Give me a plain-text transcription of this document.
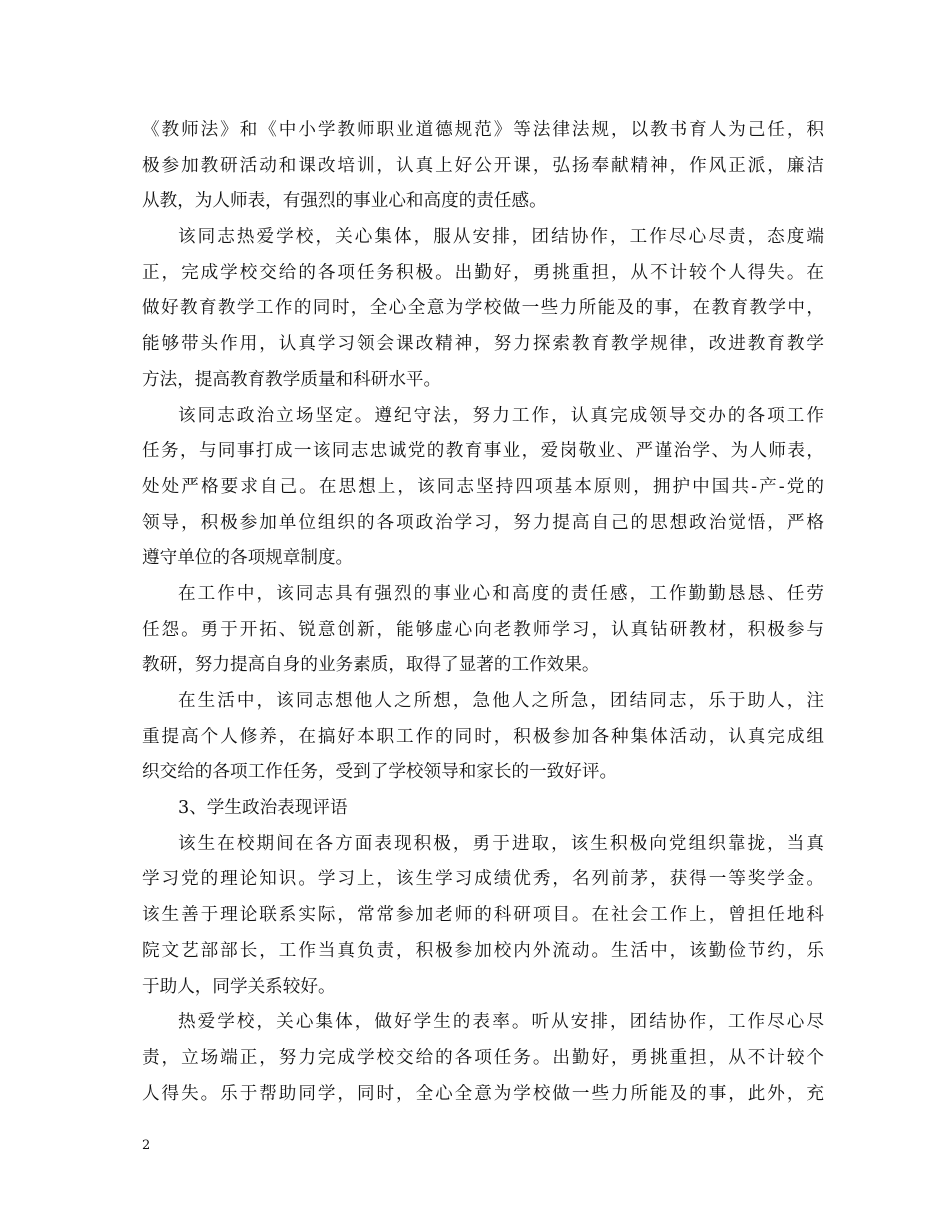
《教师法》和《中小学教师职业道德规范》等法律法规，以教书育人为己任，积
极参加教研活动和课改培训，认真上好公开课，弘扬奉献精神，作风正派，廉洁
从教，为人师表，有强烈的事业心和高度的责任感。
该同志热爱学校，关心集体，服从安排，团结协作，工作尽心尽责，态度端
正，完成学校交给的各项任务积极。出勤好，勇挑重担，从不计较个人得失。在
做好教育教学工作的同时，全心全意为学校做一些力所能及的事，在教育教学中，
能够带头作用，认真学习领会课改精神，努力探索教育教学规律，改进教育教学
方法，提高教育教学质量和科研水平。
该同志政治立场坚定。遵纪守法，努力工作，认真完成领导交办的各项工作
任务，与同事打成一该同志忠诚党的教育事业，爱岗敬业、严谨治学、为人师表，
处处严格要求自己。在思想上，该同志坚持四项基本原则，拥护中国共-产-党的
领导，积极参加单位组织的各项政治学习，努力提高自己的思想政治觉悟，严格
遵守单位的各项规章制度。
在工作中，该同志具有强烈的事业心和高度的责任感，工作勤勤恳恳、任劳
任怨。勇于开拓、锐意创新，能够虚心向老教师学习，认真钻研教材，积极参与
教研，努力提高自身的业务素质，取得了显著的工作效果。
在生活中，该同志想他人之所想，急他人之所急，团结同志，乐于助人，注
重提高个人修养，在搞好本职工作的同时，积极参加各种集体活动，认真完成组
织交给的各项工作任务，受到了学校领导和家长的一致好评。
3、学生政治表现评语
该生在校期间在各方面表现积极，勇于进取，该生积极向党组织靠拢，当真
学习党的理论知识。学习上，该生学习成绩优秀，名列前茅，获得一等奖学金。
该生善于理论联系实际，常常参加老师的科研项目。在社会工作上，曾担任地科
院文艺部部长，工作当真负责，积极参加校内外流动。生活中，该勤俭节约，乐
于助人，同学关系较好。
热爱学校，关心集体，做好学生的表率。听从安排，团结协作，工作尽心尽
责，立场端正，努力完成学校交给的各项任务。出勤好，勇挑重担，从不计较个
人得失。乐于帮助同学，同时，全心全意为学校做一些力所能及的事，此外，充
2
